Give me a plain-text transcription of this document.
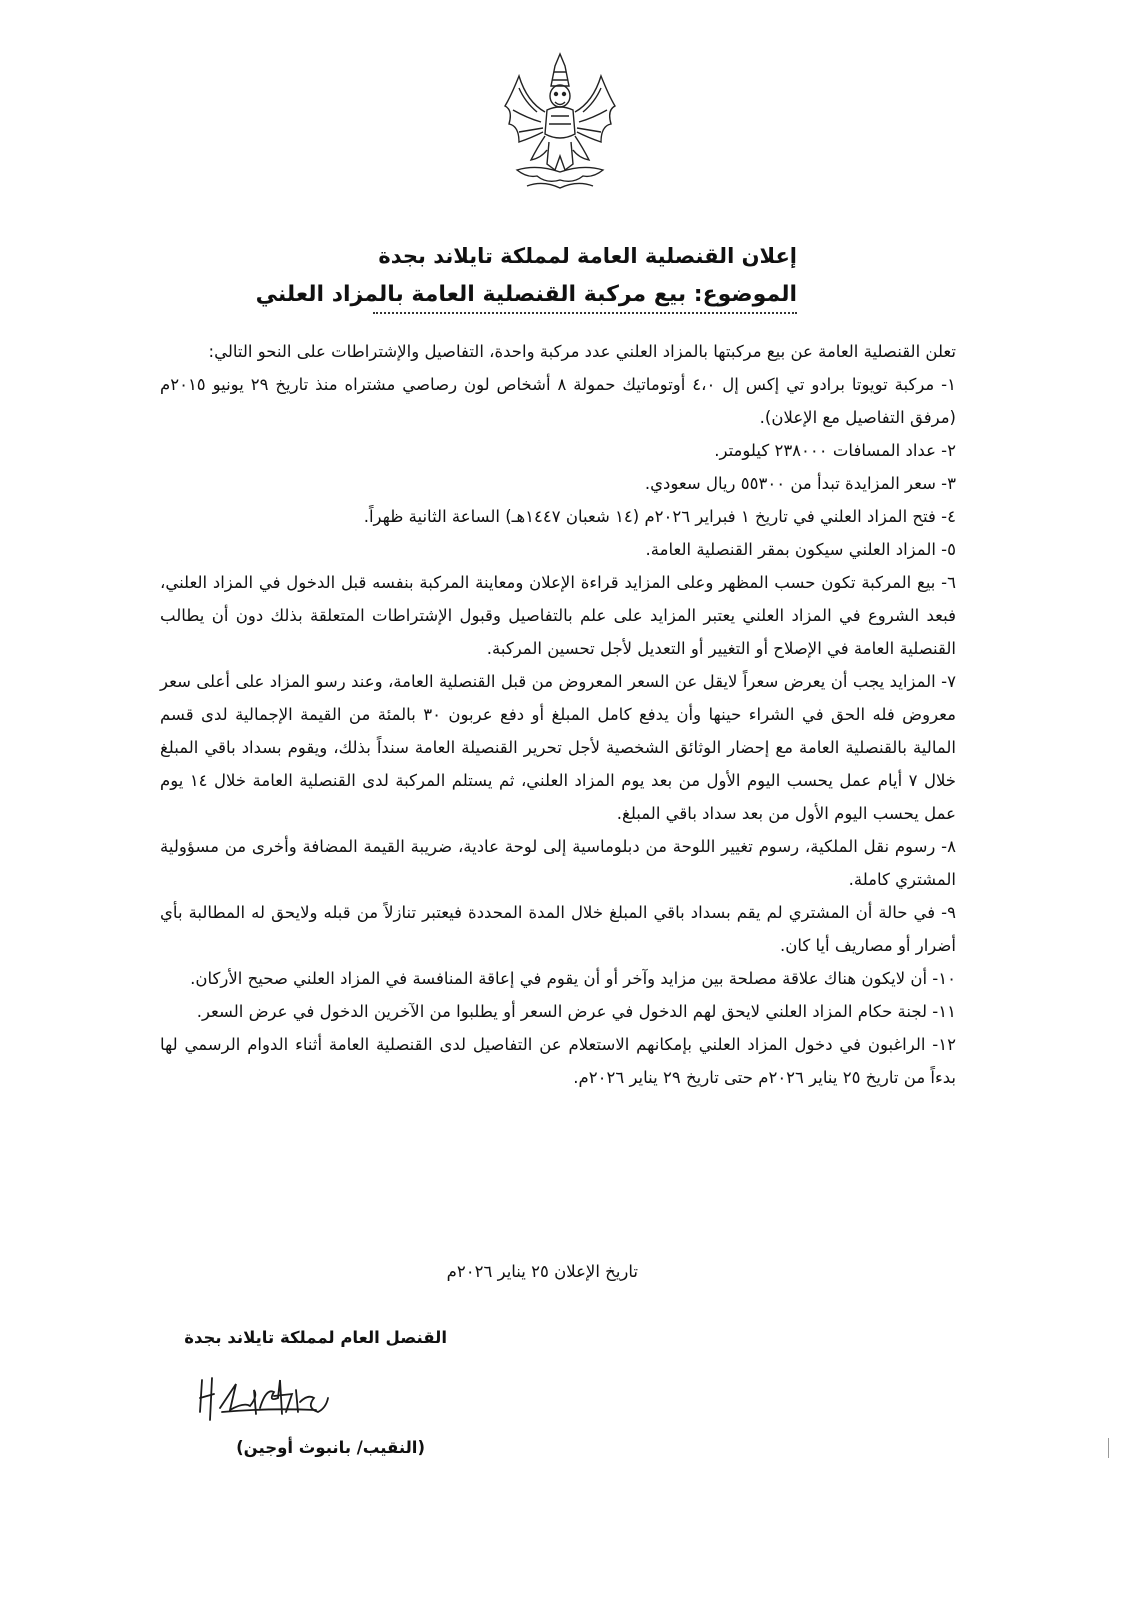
إعلان القنصلية العامة لمملكة تايلاند بجدة
الموضوع: بيع مركبة القنصلية العامة بالمزاد العلني

تعلن القنصلية العامة عن بيع مركبتها بالمزاد العلني عدد مركبة واحدة، التفاصيل والإشتراطات على النحو التالي:

١- مركبة تويوتا برادو تي إكس إل ٤،٠ أوتوماتيك حمولة ٨ أشخاص لون رصاصي مشتراه منذ تاريخ ٢٩ يونيو ٢٠١٥م (مرفق التفاصيل مع الإعلان).

٢- عداد المسافات ٢٣٨٠٠٠ كيلومتر.

٣- سعر المزايدة تبدأ من ٥٥٣٠٠ ريال سعودي.

٤- فتح المزاد العلني في تاريخ ١ فبراير ٢٠٢٦م (١٤ شعبان ١٤٤٧هـ) الساعة الثانية ظهراً.

٥- المزاد العلني سيكون بمقر القنصلية العامة.

٦- بيع المركبة تكون حسب المظهر وعلى المزايد قراءة الإعلان ومعاينة المركبة بنفسه قبل الدخول في المزاد العلني، فبعد الشروع في المزاد العلني يعتبر المزايد على علم بالتفاصيل وقبول الإشتراطات المتعلقة بذلك دون أن يطالب القنصلية العامة في الإصلاح أو التغيير أو التعديل لأجل تحسين المركبة.

٧- المزايد يجب أن يعرض سعراً لايقل عن السعر المعروض من قبل القنصلية العامة، وعند رسو المزاد على أعلى سعر معروض فله الحق في الشراء حينها وأن يدفع كامل المبلغ أو دفع عربون ٣٠ بالمئة من القيمة الإجمالية لدى قسم المالية بالقنصلية العامة مع إحضار الوثائق الشخصية لأجل تحرير القنصيلة العامة سنداً بذلك، ويقوم بسداد باقي المبلغ خلال ٧ أيام عمل يحسب اليوم الأول من بعد يوم المزاد العلني، ثم يستلم المركبة لدى القنصلية العامة خلال ١٤ يوم عمل يحسب اليوم الأول من بعد سداد باقي المبلغ.

٨- رسوم نقل الملكية، رسوم تغيير اللوحة من دبلوماسية إلى لوحة عادية، ضريبة القيمة المضافة وأخرى من مسؤولية المشتري كاملة.

٩- في حالة أن المشتري لم يقم بسداد باقي المبلغ خلال المدة المحددة فيعتبر تنازلاً من قبله ولايحق له المطالبة بأي أضرار أو مصاريف أيا كان.

١٠- أن لايكون هناك علاقة مصلحة بين مزايد وآخر أو أن يقوم في إعاقة المنافسة في المزاد العلني صحيح الأركان.

١١- لجنة حكام المزاد العلني لايحق لهم الدخول في عرض السعر أو يطلبوا من الآخرين الدخول في عرض السعر.

١٢- الراغبون في دخول المزاد العلني بإمكانهم الاستعلام عن التفاصيل لدى القنصلية العامة أثناء الدوام الرسمي لها بدءاً من تاريخ ٢٥ يناير ٢٠٢٦م حتى تاريخ ٢٩ يناير ٢٠٢٦م.

تاريخ الإعلان ٢٥ يناير ٢٠٢٦م
القنصل العام لمملكة تايلاند بجدة
(النقيب/ بانبوث أوجين)
